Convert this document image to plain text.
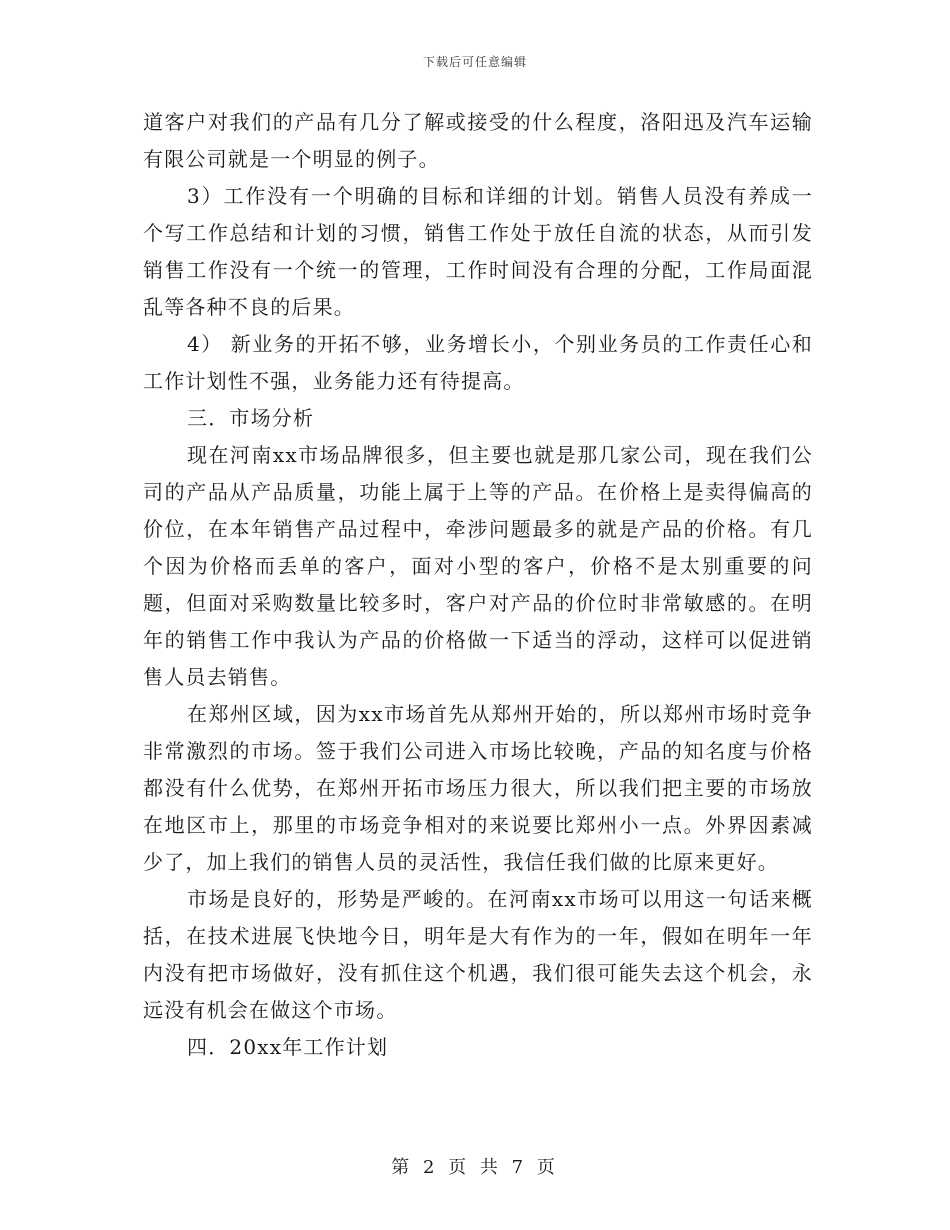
下载后可任意编辑

道客户对我们的产品有几分了解或接受的什么程度，洛阳迅及汽车运输有限公司就是一个明显的例子。

3）工作没有一个明确的目标和详细的计划。销售人员没有养成一个写工作总结和计划的习惯，销售工作处于放任自流的状态，从而引发销售工作没有一个统一的管理，工作时间没有合理的分配，工作局面混乱等各种不良的后果。

4） 新业务的开拓不够，业务增长小，个别业务员的工作责任心和工作计划性不强，业务能力还有待提高。

三．市场分析

现在河南xx市场品牌很多，但主要也就是那几家公司，现在我们公司的产品从产品质量，功能上属于上等的产品。在价格上是卖得偏高的价位，在本年销售产品过程中，牵涉问题最多的就是产品的价格。有几个因为价格而丢单的客户，面对小型的客户，价格不是太别重要的问题，但面对采购数量比较多时，客户对产品的价位时非常敏感的。在明年的销售工作中我认为产品的价格做一下适当的浮动，这样可以促进销售人员去销售。

在郑州区域，因为xx市场首先从郑州开始的，所以郑州市场时竞争非常激烈的市场。签于我们公司进入市场比较晚，产品的知名度与价格都没有什么优势，在郑州开拓市场压力很大，所以我们把主要的市场放在地区市上，那里的市场竞争相对的来说要比郑州小一点。外界因素减少了，加上我们的销售人员的灵活性，我信任我们做的比原来更好。

市场是良好的，形势是严峻的。在河南xx市场可以用这一句话来概括，在技术进展飞快地今日，明年是大有作为的一年，假如在明年一年内没有把市场做好，没有抓住这个机遇，我们很可能失去这个机会，永远没有机会在做这个市场。

四．20xx年工作计划

第 2 页 共 7 页
